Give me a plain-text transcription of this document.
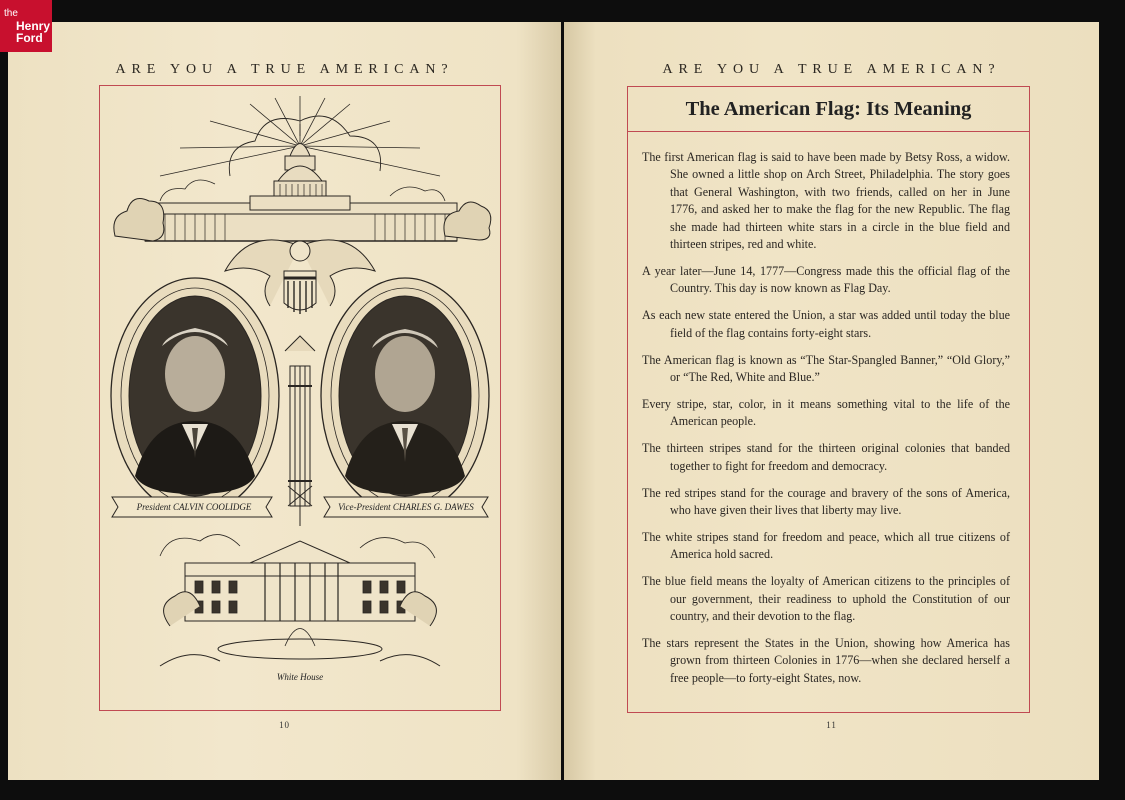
ARE YOU A TRUE AMERICAN?
President CALVIN COOLIDGE	Vice-President CHARLES G. DAWES
White House
10
the
Henry
Ford
ARE YOU A TRUE AMERICAN?
The American Flag: Its Meaning

The first American flag is said to have been made by Betsy Ross, a widow. She owned a little shop on Arch Street, Philadelphia. The story goes that General Washington, with two friends, called on her in June 1776, and asked her to make the flag for the new Republic. The flag she made had thirteen white stars in a circle in the blue field and thirteen stripes, red and white.

A year later—June 14, 1777—Congress made this the official flag of the Country. This day is now known as Flag Day.

As each new state entered the Union, a star was added until today the blue field of the flag contains forty-eight stars.

The American flag is known as “The Star-Spangled Banner,” “Old Glory,” or “The Red, White and Blue.”

Every stripe, star, color, in it means something vital to the life of the American people.

The thirteen stripes stand for the thirteen original colonies that banded together to fight for freedom and democracy.

The red stripes stand for the courage and bravery of the sons of America, who have given their lives that liberty may live.

The white stripes stand for freedom and peace, which all true citizens of America hold sacred.

The blue field means the loyalty of American citizens to the principles of our government, their readiness to uphold the Constitution of our country, and their devotion to the flag.

The stars represent the States in the Union, showing how America has grown from thirteen Colonies in 1776—when she declared herself a free people—to forty-eight States, now.

11
